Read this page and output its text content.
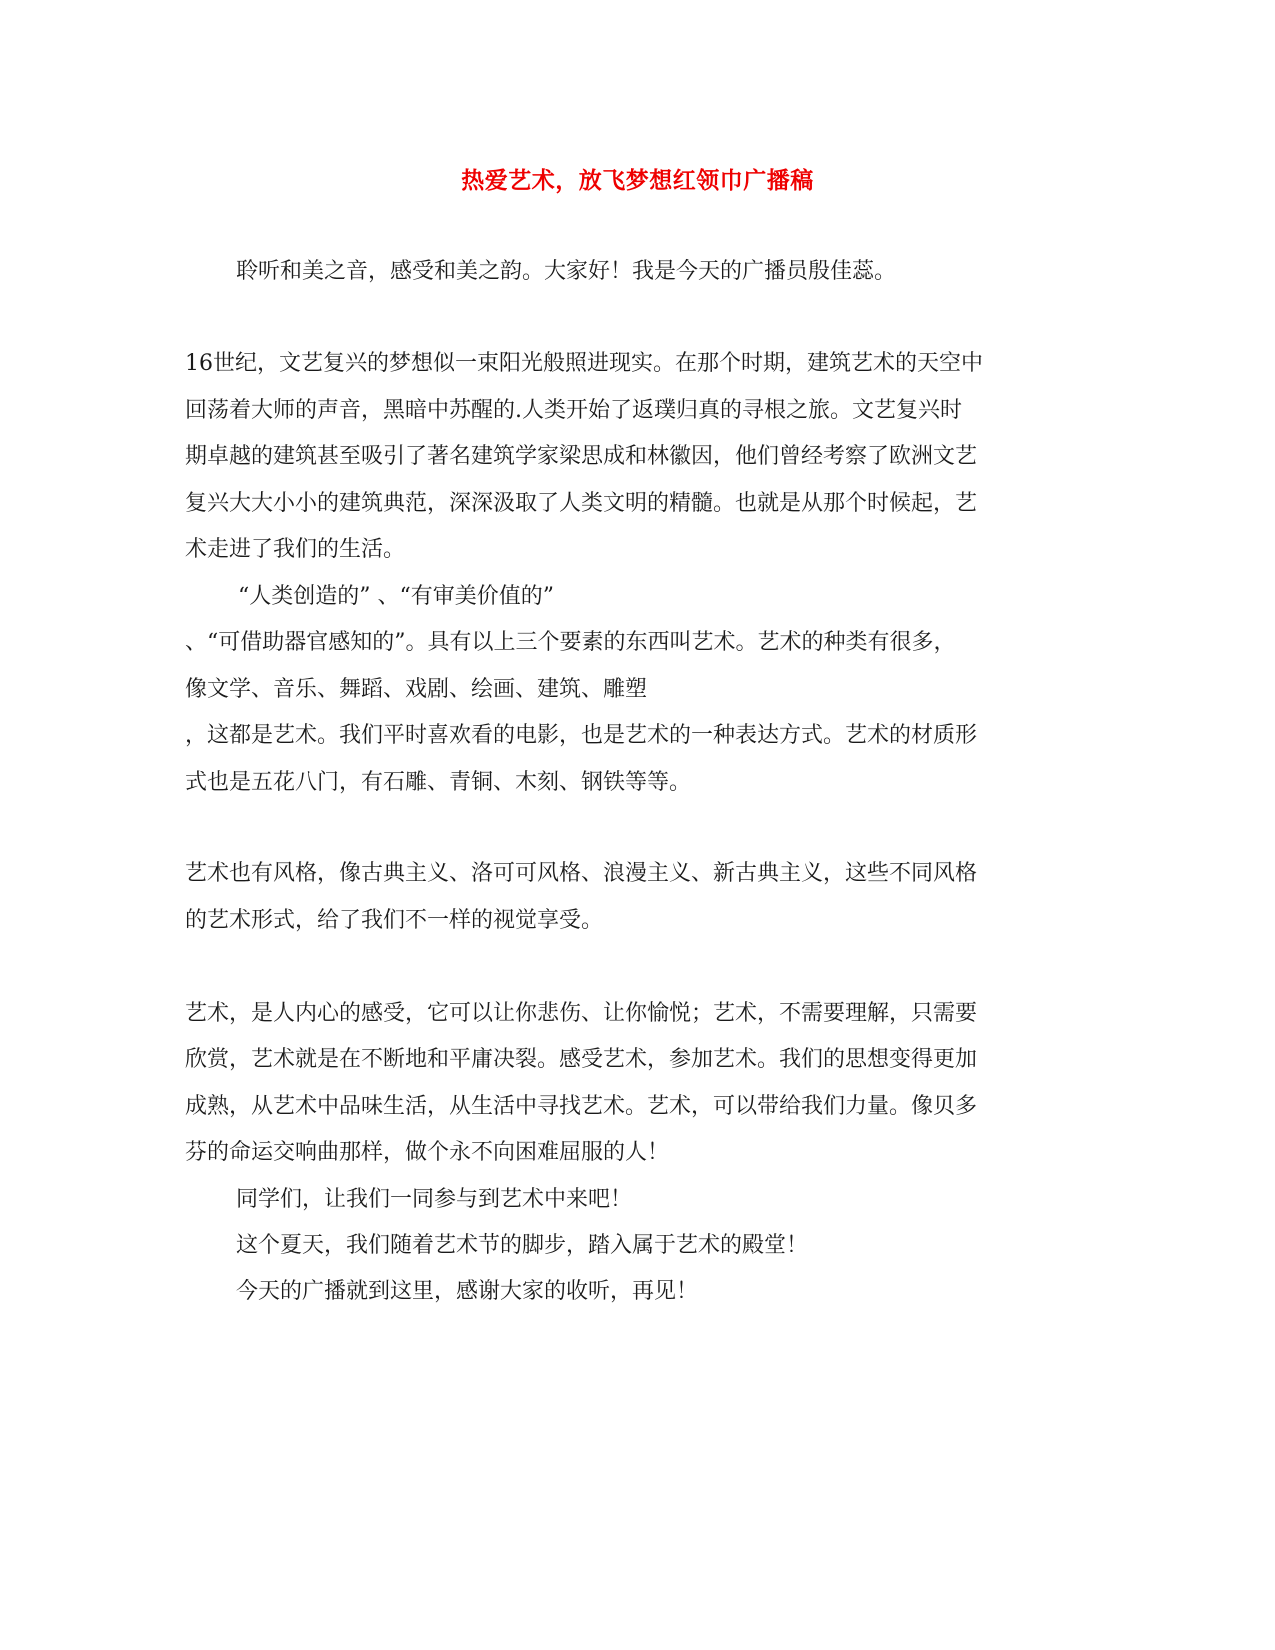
热爱艺术，放飞梦想红领巾广播稿
聆听和美之音，感受和美之韵。大家好！我是今天的广播员殷佳蕊。
16世纪，文艺复兴的梦想似一束阳光般照进现实。在那个时期，建筑艺术的天空中
回荡着大师的声音，黑暗中苏醒的.人类开始了返璞归真的寻根之旅。文艺复兴时
期卓越的建筑甚至吸引了著名建筑学家梁思成和林徽因，他们曾经考察了欧洲文艺
复兴大大小小的建筑典范，深深汲取了人类文明的精髓。也就是从那个时候起，艺
术走进了我们的生活。
“人类创造的” 、“有审美价值的”
、“可借助器官感知的”。具有以上三个要素的东西叫艺术。艺术的种类有很多，
像文学、音乐、舞蹈、戏剧、绘画、建筑、雕塑
，这都是艺术。我们平时喜欢看的电影，也是艺术的一种表达方式。艺术的材质形
式也是五花八门，有石雕、青铜、木刻、钢铁等等。
艺术也有风格，像古典主义、洛可可风格、浪漫主义、新古典主义，这些不同风格
的艺术形式，给了我们不一样的视觉享受。
艺术，是人内心的感受，它可以让你悲伤、让你愉悦；艺术，不需要理解，只需要
欣赏，艺术就是在不断地和平庸决裂。感受艺术，参加艺术。我们的思想变得更加
成熟，从艺术中品味生活，从生活中寻找艺术。艺术，可以带给我们力量。像贝多
芬的命运交响曲那样，做个永不向困难屈服的人！
同学们，让我们一同参与到艺术中来吧！
这个夏天，我们随着艺术节的脚步，踏入属于艺术的殿堂！
今天的广播就到这里，感谢大家的收听，再见！
